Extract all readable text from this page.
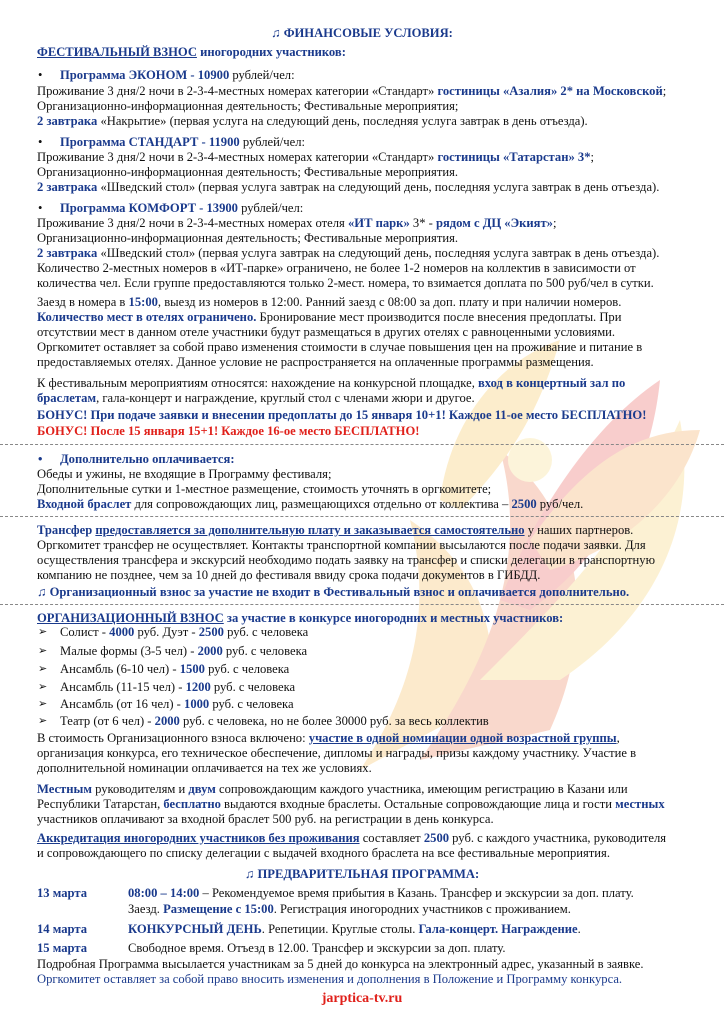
♫ ФИНАНСОВЫЕ УСЛОВИЯ:
ФЕСТИВАЛЬНЫЙ ВЗНОС иногородних участников:
• Программа ЭКОНОМ - 10900 рублей/чел:
Проживание 3 дня/2 ночи в 2-3-4-местных номерах категории «Стандарт» гостиницы «Азалия» 2* на Московской;
Организационно-информационная деятельность; Фестивальные мероприятия;
2 завтрака «Накрытие» (первая услуга на следующий день, последняя услуга завтрак в день отъезда).
• Программа СТАНДАРТ - 11900 рублей/чел:
Проживание 3 дня/2 ночи в 2-3-4-местных номерах категории «Стандарт» гостиницы «Татарстан» 3*;
Организационно-информационная деятельность; Фестивальные мероприятия.
2 завтрака «Шведский стол» (первая услуга завтрак на следующий день, последняя услуга завтрак в день отъезда).
• Программа КОМФОРТ - 13900 рублей/чел:
Проживание 3 дня/2 ночи в 2-3-4-местных номерах отеля «ИТ парк» 3* - рядом с ДЦ «Экият»;
Организационно-информационная деятельность; Фестивальные мероприятия.
2 завтрака «Шведский стол» (первая услуга завтрак на следующий день, последняя услуга завтрак в день отъезда).
Количество 2-местных номеров в «ИТ-парке» ограничено, не более 1-2 номеров на коллектив в зависимости от
количества чел. Если группе предоставляются только 2-мест. номера, то взимается доплата по 500 руб/чел в сутки.
Заезд в номера в 15:00, выезд из номеров в 12:00. Ранний заезд с 08:00 за доп. плату и при наличии номеров.
Количество мест в отелях ограничено. Бронирование мест производится после внесения предоплаты. При
отсутствии мест в данном отеле участники будут размещаться в других отелях с равноценными условиями.
Оргкомитет оставляет за собой право изменения стоимости в случае повышения цен на проживание и питание в
предоставляемых отелях. Данное условие не распространяется на оплаченные программы размещения.
К фестивальным мероприятиям относятся: нахождение на конкурсной площадке, вход в концертный зал по
браслетам, гала-концерт и награждение, круглый стол с членами жюри и другое.
БОНУС! При подаче заявки и внесении предоплаты до 15 января 10+1! Каждое 11-ое место БЕСПЛАТНО!
БОНУС! После 15 января 15+1! Каждое 16-ое место БЕСПЛАТНО!
• Дополнительно оплачивается:
Обеды и ужины, не входящие в Программу фестиваля;
Дополнительные сутки и 1-местное размещение, стоимость уточнять в оргкомитете;
Входной браслет для сопровождающих лиц, размещающихся отдельно от коллектива – 2500 руб/чел.
Трансфер предоставляется за дополнительную плату и заказывается самостоятельно у наших партнеров.
Оргкомитет трансфер не осуществляет. Контакты транспортной компании высылаются после подачи заявки. Для
осуществления трансфера и экскурсий необходимо подать заявку на трансфер и списки делегации в транспортную
компанию не позднее, чем за 10 дней до фестиваля ввиду срока подачи документов в ГИБДД.
♫ Организационный взнос за участие не входит в Фестивальный взнос и оплачивается дополнительно.
ОРГАНИЗАЦИОННЫЙ ВЗНОС за участие в конкурсе иногородних и местных участников:
➢ Солист - 4000 руб. Дуэт - 2500 руб. с человека
➢ Малые формы (3-5 чел) - 2000 руб. с человека
➢ Ансамбль (6-10 чел) - 1500 руб. с человека
➢ Ансамбль (11-15 чел) - 1200 руб. с человека
➢ Ансамбль (от 16 чел) - 1000 руб. с человека
➢ Театр (от 6 чел) - 2000 руб. с человека, но не более 30000 руб. за весь коллектив
В стоимость Организационного взноса включено: участие в одной номинации одной возрастной группы,
организация конкурса, его техническое обеспечение, дипломы и награды, призы каждому участнику. Участие в
дополнительной номинации оплачивается на тех же условиях.
Местным руководителям и двум сопровождающим каждого участника, имеющим регистрацию в Казани или
Республики Татарстан, бесплатно выдаются входные браслеты. Остальные сопровождающие лица и гости местных
участников оплачивают за входной браслет 500 руб. на регистрации в день конкурса.
Аккредитация иногородних участников без проживания составляет 2500 руб. с каждого участника, руководителя
и сопровождающего по списку делегации с выдачей входного браслета на все фестивальные мероприятия.
♫ ПРЕДВАРИТЕЛЬНАЯ ПРОГРАММА:
13 марта	08:00 – 14:00 – Рекомендуемое время прибытия в Казань. Трансфер и экскурсии за доп. плату.
Заезд. Размещение с 15:00. Регистрация иногородних участников с проживанием.
14 марта	КОНКУРСНЫЙ ДЕНЬ. Репетиции. Круглые столы. Гала-концерт. Награждение.
15 марта	Свободное время. Отъезд в 12.00. Трансфер и экскурсии за доп. плату.
Подробная Программа высылается участникам за 5 дней до конкурса на электронный адрес, указанный в заявке.
Оргкомитет оставляет за собой право вносить изменения и дополнения в Положение и Программу конкурса.
jarptica-tv.ru
